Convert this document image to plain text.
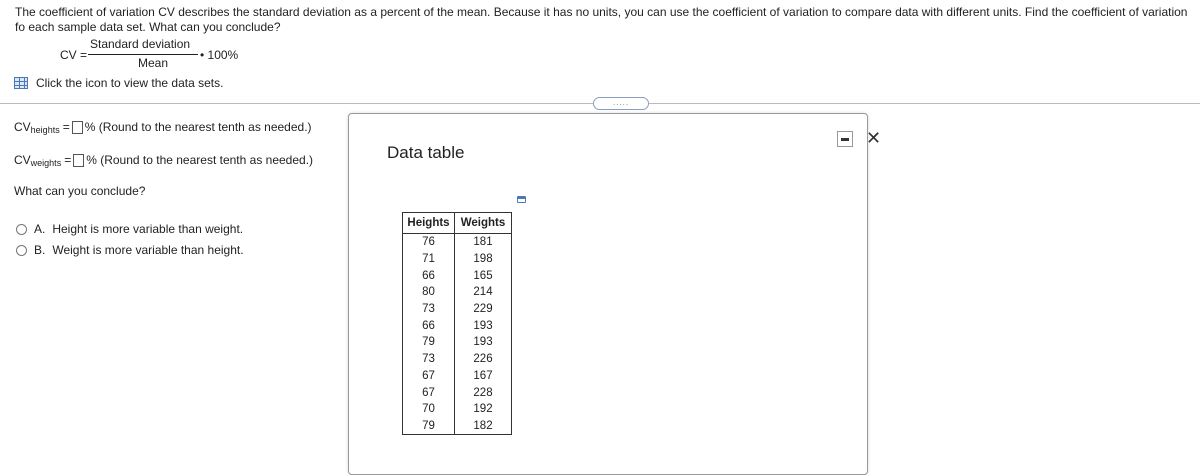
The coefficient of variation CV describes the standard deviation as a percent of the mean. Because it has no units, you can use the coefficient of variation to compare data with different units. Find the coefficient of variation fo each sample data set. What can you conclude?
CV =
Standard deviation
Mean
• 100%
Click the icon to view the data sets.
.....
$CV_{heights}$ = % (Round to the nearest tenth as needed.)
$CV_{weights}$ = % (Round to the nearest tenth as needed.)
What can you conclude?
A. Height is more variable than weight.
B. Weight is more variable than height.
Data table
✕
Heights	Weights
76	181
71	198
66	165
80	214
73	229
66	193
79	193
73	226
67	167
67	228
70	192
79	182
